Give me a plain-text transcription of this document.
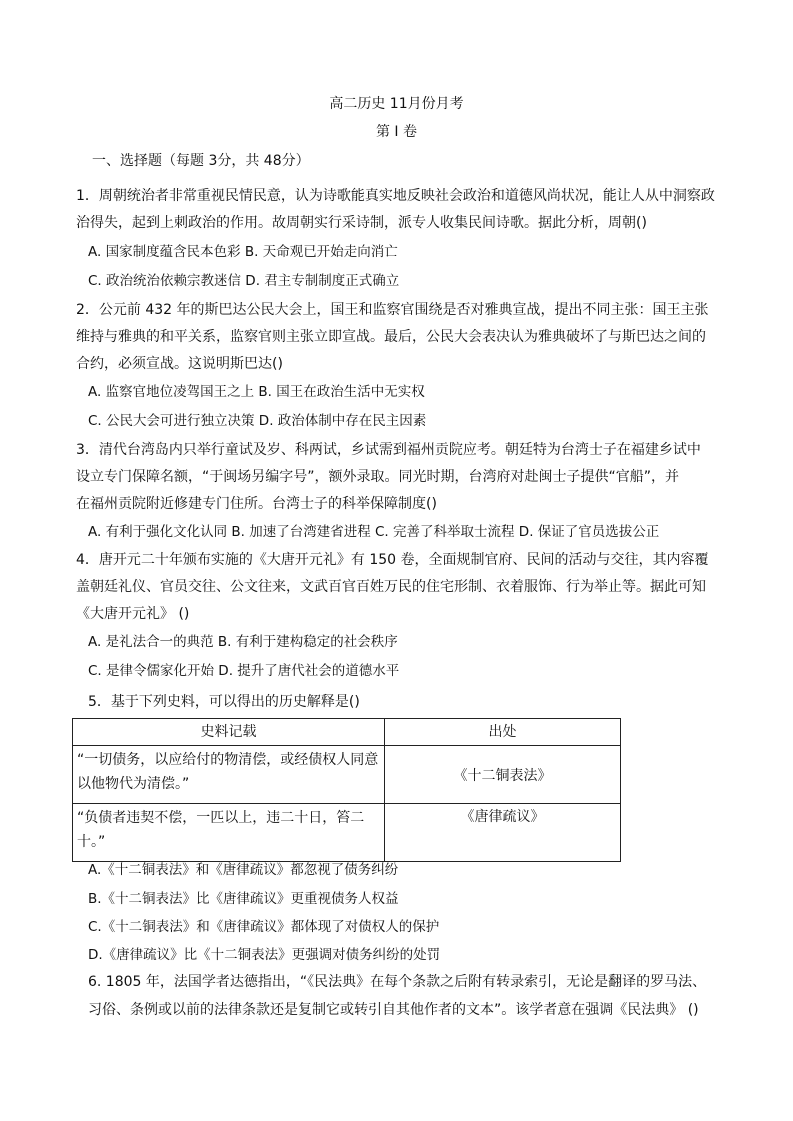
高二历史 11月份月考
第 I 卷
一、选择题（每题 3分，共 48分）
1．周朝统治者非常重视民情民意，认为诗歌能真实地反映社会政治和道德风尚状况，能让人从中洞察政
治得失，起到上刺政治的作用。故周朝实行采诗制，派专人收集民间诗歌。据此分析，周朝()
A. 国家制度蕴含民本色彩 B. 天命观已开始走向消亡
C. 政治统治依赖宗教迷信 D. 君主专制制度正式确立
2．公元前 432 年的斯巴达公民大会上，国王和监察官围绕是否对雅典宣战，提出不同主张：国王主张
维持与雅典的和平关系，监察官则主张立即宣战。最后，公民大会表决认为雅典破坏了与斯巴达之间的
合约，必须宣战。这说明斯巴达()
A. 监察官地位凌驾国王之上 B. 国王在政治生活中无实权
C. 公民大会可进行独立决策 D. 政治体制中存在民主因素
3．清代台湾岛内只举行童试及岁、科两试，乡试需到福州贡院应考。朝廷特为台湾士子在福建乡试中
设立专门保障名额，“于闽场另编字号”，额外录取。同光时期，台湾府对赴闽士子提供“官船”，并
在福州贡院附近修建专门住所。台湾士子的科举保障制度()
A. 有利于强化文化认同 B. 加速了台湾建省进程 C. 完善了科举取士流程 D. 保证了官员选拔公正
4．唐开元二十年颁布实施的《大唐开元礼》有 150 卷，全面规制官府、民间的活动与交往，其内容覆
盖朝廷礼仪、官员交往、公文往来，文武百官百姓万民的住宅形制、衣着服饰、行为举止等。据此可知
《大唐开元礼》 ()
A. 是礼法合一的典范 B. 有利于建构稳定的社会秩序
C. 是律令儒家化开始 D. 提升了唐代社会的道德水平
5．基于下列史料，可以得出的历史解释是()
史料记载	出处
“一切债务，以应给付的物清偿，或经债权人同意以他物代为清偿。”	《十二铜表法》
“负债者违契不偿，一匹以上，违二十日，笞二十。”	《唐律疏议》
A.《十二铜表法》和《唐律疏议》都忽视了债务纠纷
B.《十二铜表法》比《唐律疏议》更重视债务人权益
C.《十二铜表法》和《唐律疏议》都体现了对债权人的保护
D.《唐律疏议》比《十二铜表法》更强调对债务纠纷的处罚
6. 1805 年，法国学者达德指出，“《民法典》在每个条款之后附有转录索引，无论是翻译的罗马法、
习俗、条例或以前的法律条款还是复制它或转引自其他作者的文本”。该学者意在强调《民法典》 ()
